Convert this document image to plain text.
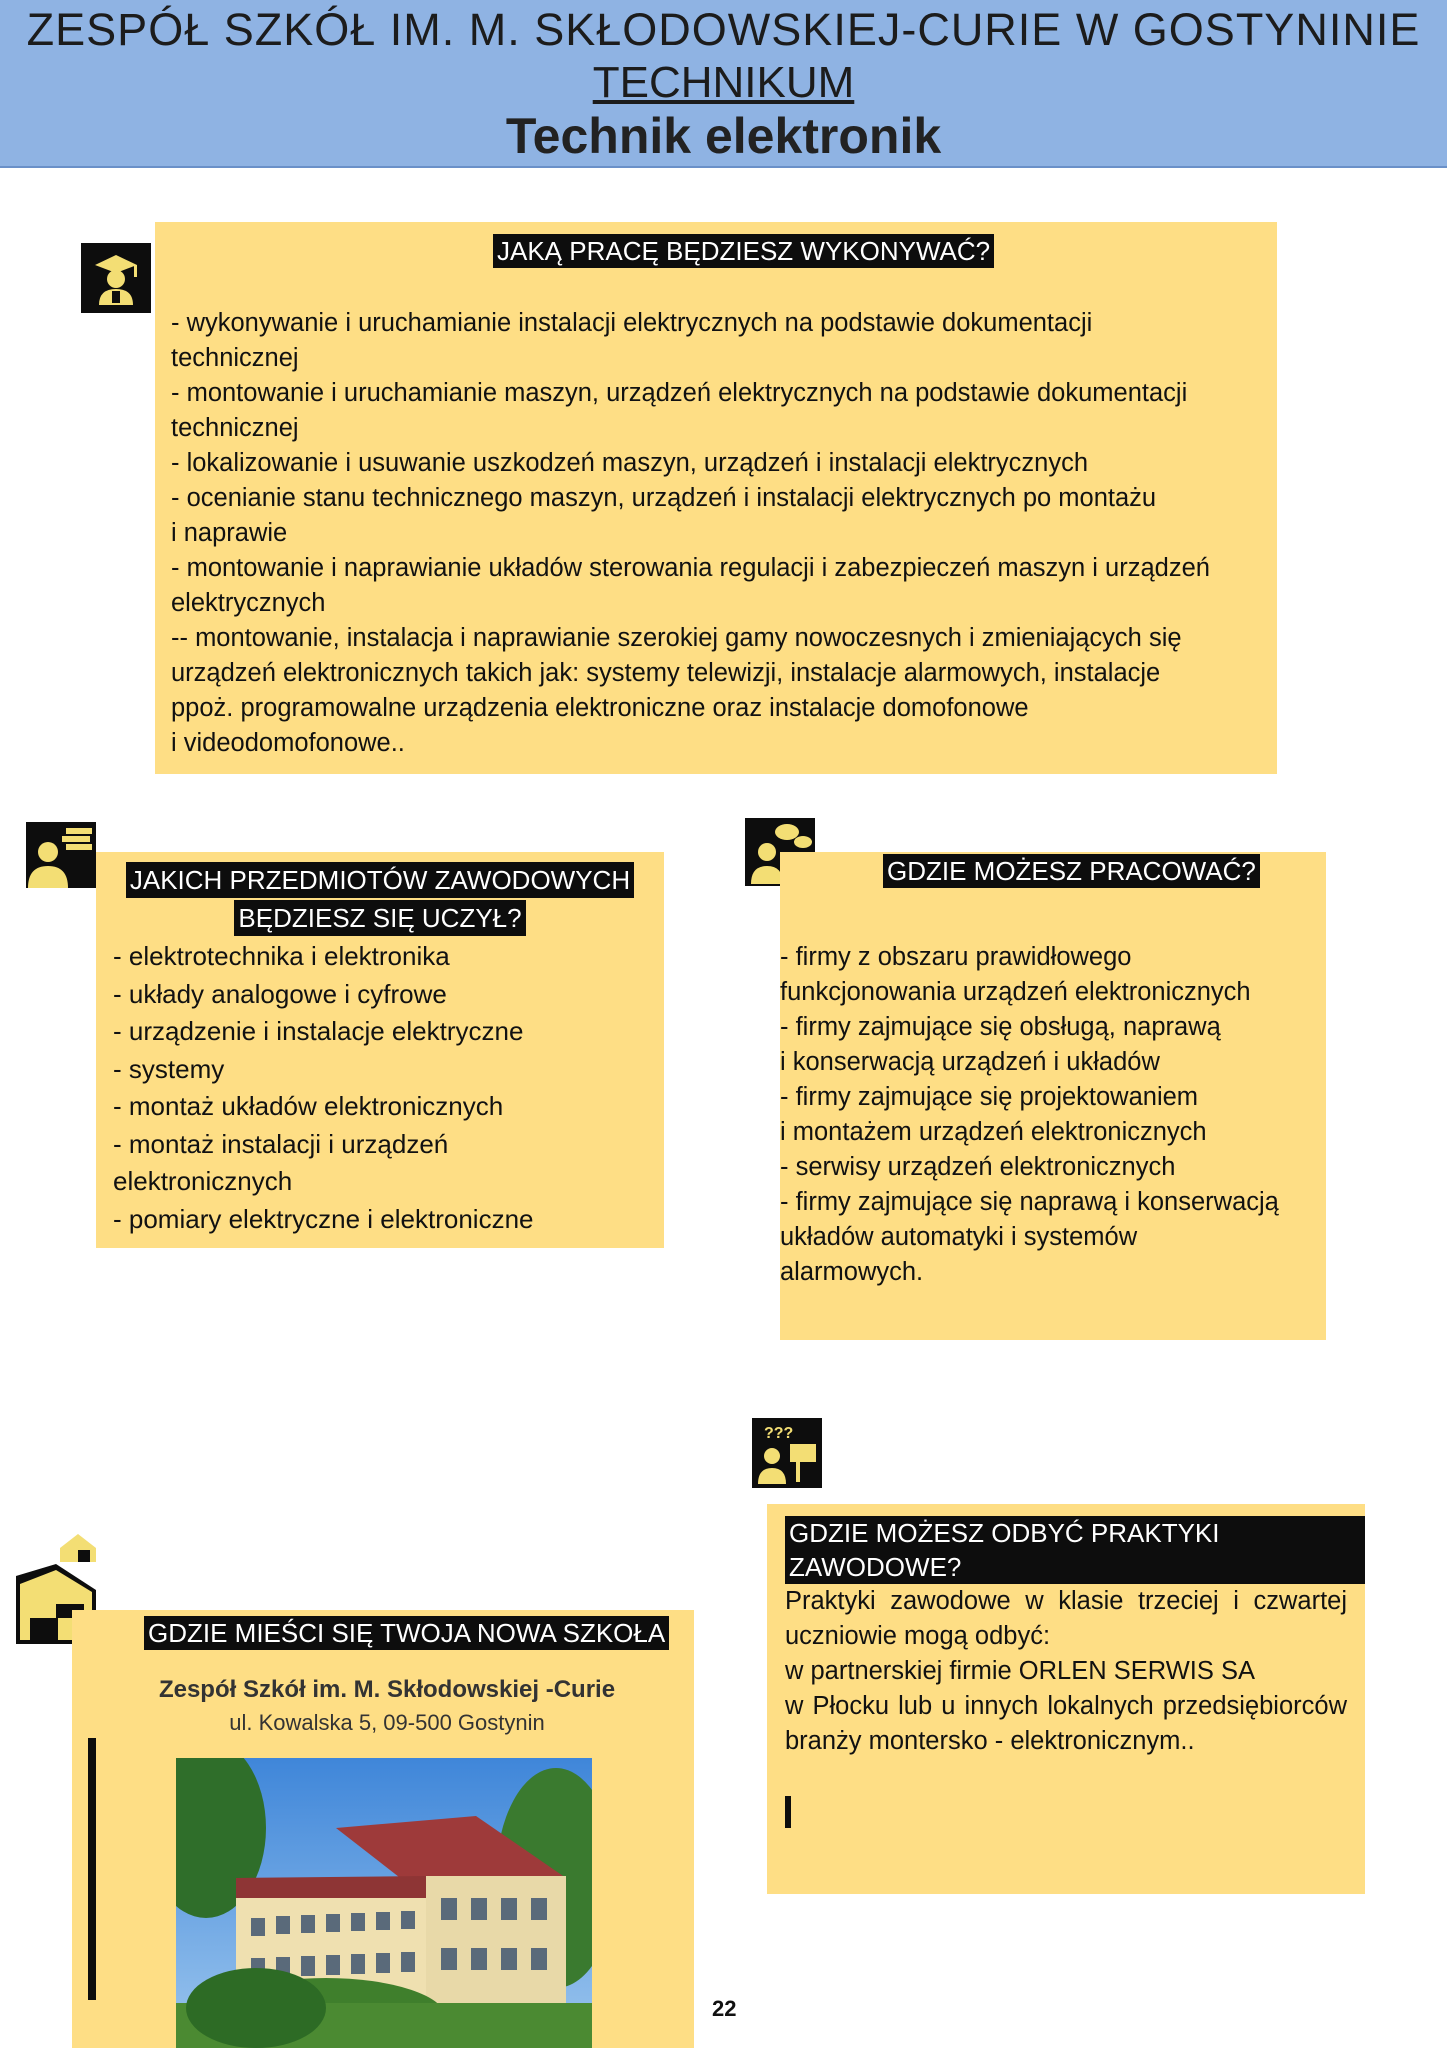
ZESPÓŁ SZKÓŁ IM. M. SKŁODOWSKIEJ-CURIE W GOSTYNINIE
TECHNIKUM
Technik elektronik
JAKĄ PRACĘ BĘDZIESZ WYKONYWAĆ?
- wykonywanie i uruchamianie instalacji elektrycznych na podstawie dokumentacji
technicznej
- montowanie i uruchamianie maszyn, urządzeń elektrycznych na podstawie dokumentacji
technicznej
- lokalizowanie i usuwanie uszkodzeń maszyn, urządzeń i instalacji elektrycznych
- ocenianie stanu technicznego maszyn, urządzeń i instalacji elektrycznych po montażu
i naprawie
- montowanie i naprawianie układów sterowania regulacji i zabezpieczeń maszyn i urządzeń
elektrycznych
-- montowanie, instalacja i naprawianie szerokiej gamy nowoczesnych i zmieniających się
urządzeń elektronicznych takich jak: systemy telewizji, instalacje alarmowych, instalacje
ppoż. programowalne urządzenia elektroniczne oraz instalacje domofonowe
i videodomofonowe..
JAKICH PRZEDMIOTÓW ZAWODOWYCH
BĘDZIESZ SIĘ UCZYŁ?
- elektrotechnika i elektronika
- układy analogowe i cyfrowe
- urządzenie i instalacje elektryczne
- systemy
- montaż układów elektronicznych
- montaż instalacji i urządzeń
elektronicznych
- pomiary elektryczne i elektroniczne
GDZIE MOŻESZ PRACOWAĆ?
- firmy z obszaru prawidłowego
funkcjonowania urządzeń elektronicznych
- firmy zajmujące się obsługą, naprawą
i konserwacją urządzeń i układów
- firmy zajmujące się projektowaniem
i montażem urządzeń elektronicznych
- serwisy urządzeń elektronicznych
- firmy zajmujące się naprawą i konserwacją
układów automatyki i systemów
alarmowych.
???
GDZIE MOŻESZ ODBYĆ PRAKTYKI ZAWODOWE?
Praktyki zawodowe w klasie trzeciej i czwartej uczniowie mogą odbyć:
w partnerskiej firmie ORLEN SERWIS SA
w Płocku lub u innych lokalnych przedsiębiorców branży montersko - elektronicznym..
GDZIE MIEŚCI SIĘ TWOJA NOWA SZKOŁA
Zespół Szkół im. M. Skłodowskiej -Curie
ul. Kowalska 5, 09-500 Gostynin
22
